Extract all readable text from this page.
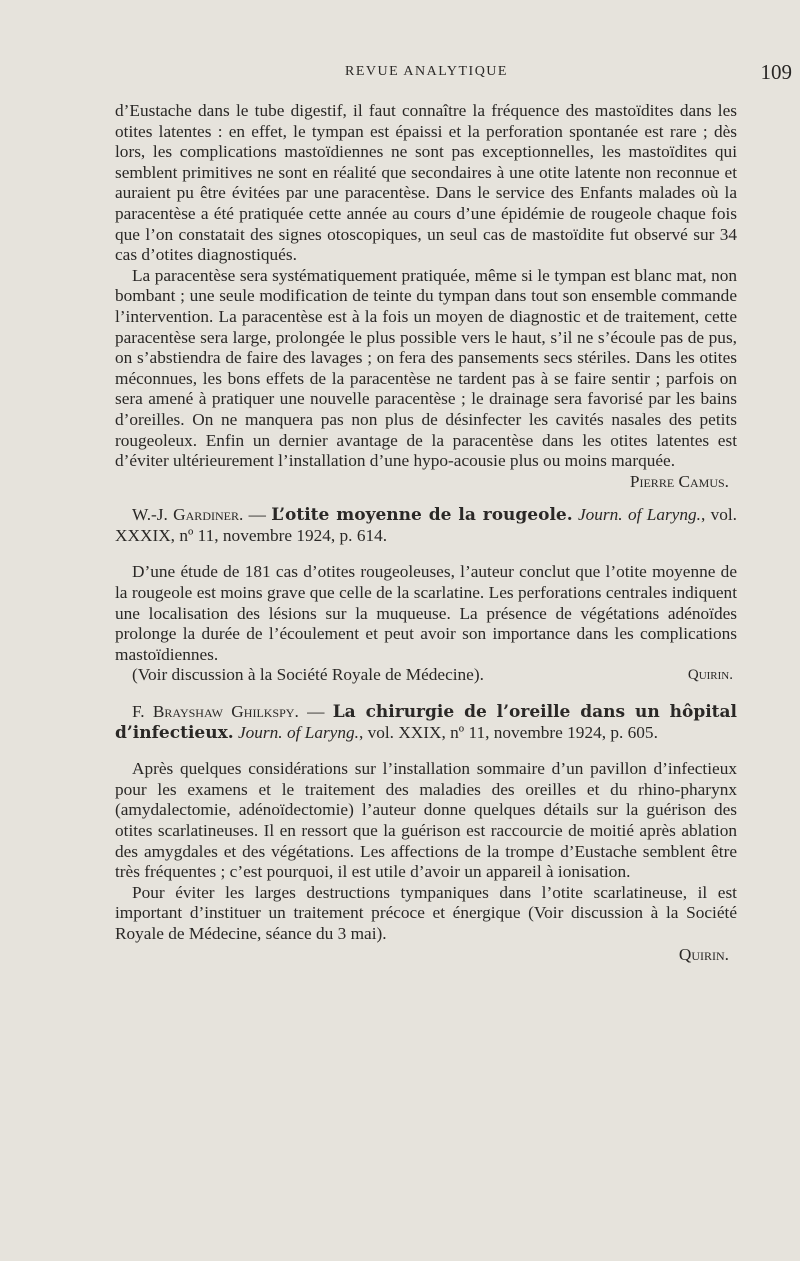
REVUE ANALYTIQUE	109

d’Eustache dans le tube digestif, il faut connaître la fréquence des mastoïdites dans les otites latentes : en effet, le tympan est épaissi et la perforation spontanée est rare ; dès lors, les complications mastoïdiennes ne sont pas exceptionnelles, les mastoïdites qui semblent primitives ne sont en réalité que secondaires à une otite latente non reconnue et auraient pu être évitées par une paracentèse. Dans le service des Enfants malades où la paracentèse a été pratiquée cette année au cours d’une épidémie de rougeole chaque fois que l’on constatait des signes otoscopiques, un seul cas de mastoïdite fut observé sur 34 cas d’otites diagnostiqués.

La paracentèse sera systématiquement pratiquée, même si le tympan est blanc mat, non bombant ; une seule modification de teinte du tympan dans tout son ensemble commande l’intervention. La paracentèse est à la fois un moyen de diagnostic et de traitement, cette paracentèse sera large, prolongée le plus possible vers le haut, s’il ne s’écoule pas de pus, on s’abstiendra de faire des lavages ; on fera des pansements secs stériles. Dans les otites méconnues, les bons effets de la paracentèse ne tardent pas à se faire sentir ; parfois on sera amené à pratiquer une nouvelle paracentèse ; le drainage sera favorisé par les bains d’oreilles. On ne manquera pas non plus de désinfecter les cavités nasales des petits rougeoleux. Enfin un dernier avantage de la paracentèse dans les otites latentes est d’éviter ultérieurement l’installation d’une hypo-acousie plus ou moins marquée.

Pierre Camus.

W.-J. Gardiner. — L’otite moyenne de la rougeole. Journ. of Laryng., vol. XXXIX, nº 11, novembre 1924, p. 614.

D’une étude de 181 cas d’otites rougeoleuses, l’auteur conclut que l’otite moyenne de la rougeole est moins grave que celle de la scarlatine. Les perforations centrales indiquent une localisation des lésions sur la muqueuse. La présence de végétations adénoïdes prolonge la durée de l’écoulement et peut avoir son importance dans les complications mastoïdiennes.

(Voir discussion à la Société Royale de Médecine).	Quirin.

F. Brayshaw Ghilkspy. — La chirurgie de l’oreille dans un hôpital d’infectieux. Journ. of Laryng., vol. XXIX, nº 11, novembre 1924, p. 605.

Après quelques considérations sur l’installation sommaire d’un pavillon d’infectieux pour les examens et le traitement des maladies des oreilles et du rhino-pharynx (amydalectomie, adénoïdectomie) l’auteur donne quelques détails sur la guérison des otites scarlatineuses. Il en ressort que la guérison est raccourcie de moitié après ablation des amygdales et des végétations. Les affections de la trompe d’Eustache semblent être très fréquentes ; c’est pourquoi, il est utile d’avoir un appareil à ionisation.

Pour éviter les larges destructions tympaniques dans l’otite scarlatineuse, il est important d’instituer un traitement précoce et énergique (Voir discussion à la Société Royale de Médecine, séance du 3 mai).

Quirin.
